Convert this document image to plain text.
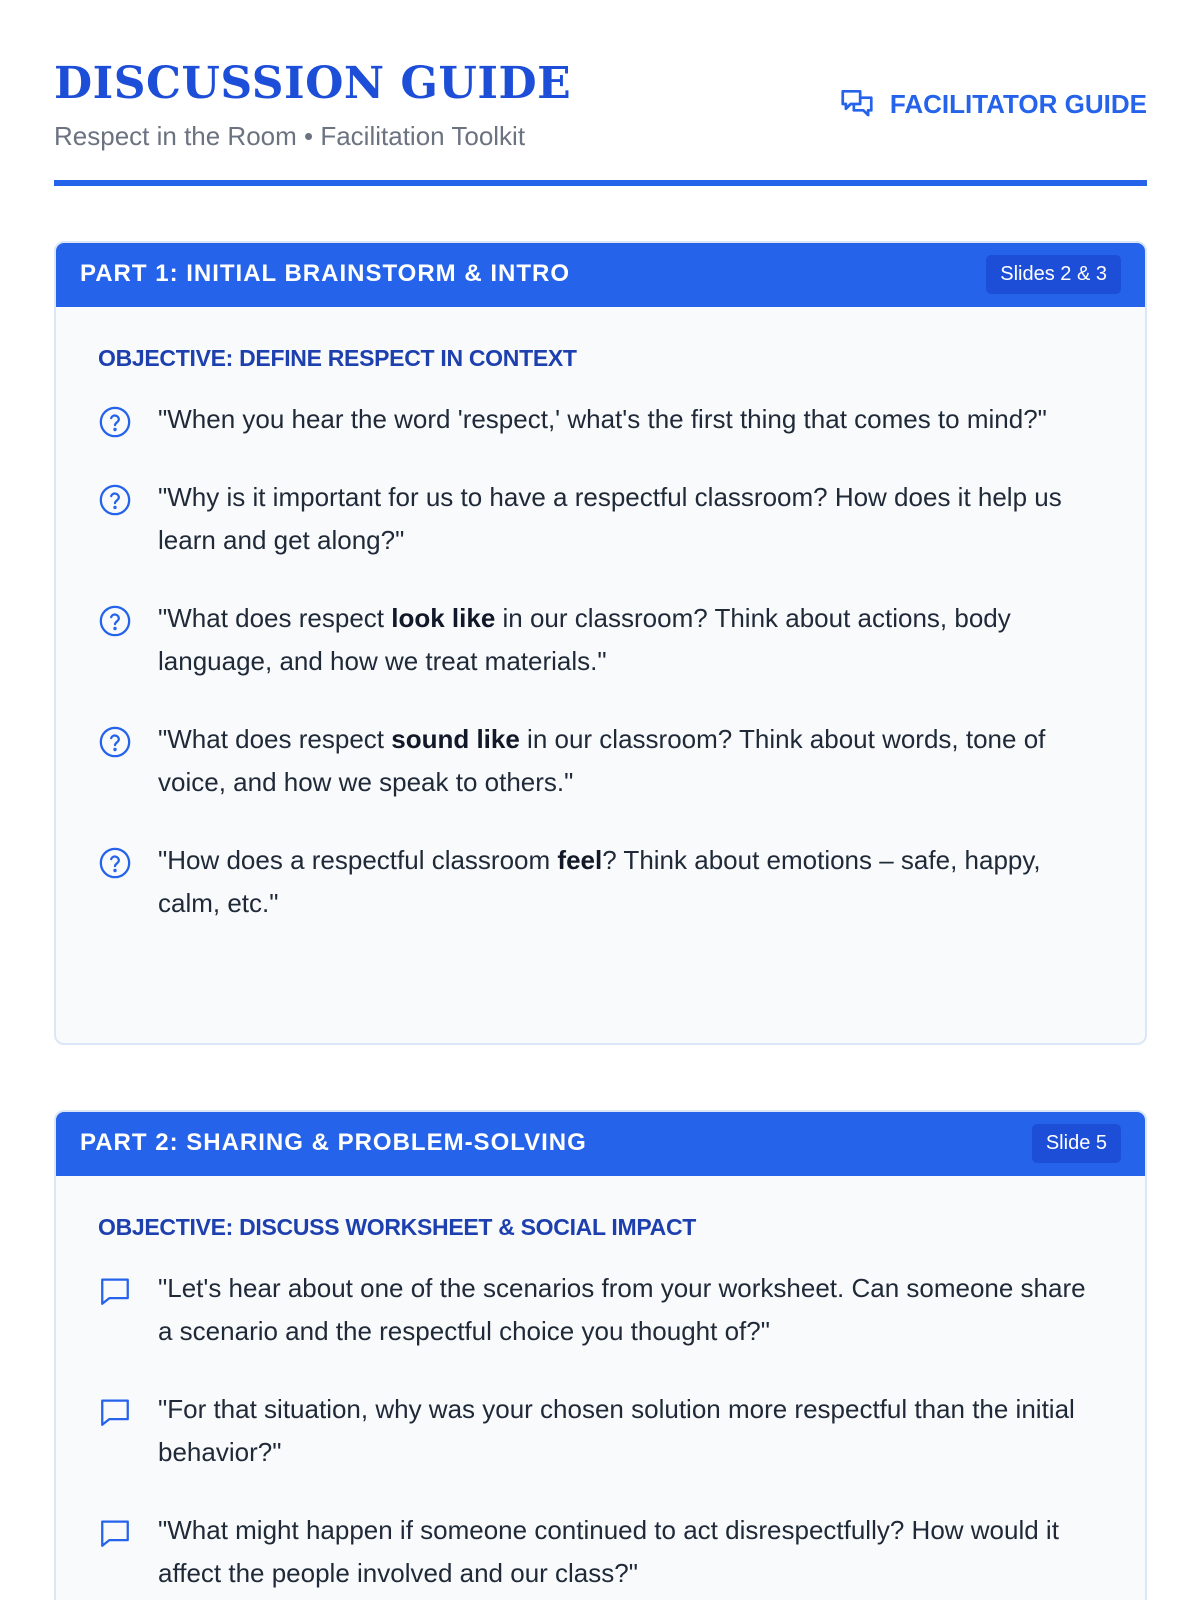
DISCUSSION GUIDE
Respect in the Room • Facilitation Toolkit
FACILITATOR GUIDE
PART 1: INITIAL BRAINSTORM & INTRO	Slides 2 & 3
OBJECTIVE: DEFINE RESPECT IN CONTEXT
"When you hear the word 'respect,' what's the first thing that comes to mind?"
"Why is it important for us to have a respectful classroom? How does it help us learn and get along?"
"What does respect look like in our classroom? Think about actions, body language, and how we treat materials."
"What does respect sound like in our classroom? Think about words, tone of voice, and how we speak to others."
"How does a respectful classroom feel? Think about emotions – safe, happy, calm, etc."
PART 2: SHARING & PROBLEM-SOLVING	Slide 5
OBJECTIVE: DISCUSS WORKSHEET & SOCIAL IMPACT
"Let's hear about one of the scenarios from your worksheet. Can someone share a scenario and the respectful choice you thought of?"
"For that situation, why was your chosen solution more respectful than the initial behavior?"
"What might happen if someone continued to act disrespectfully? How would it affect the people involved and our class?"
